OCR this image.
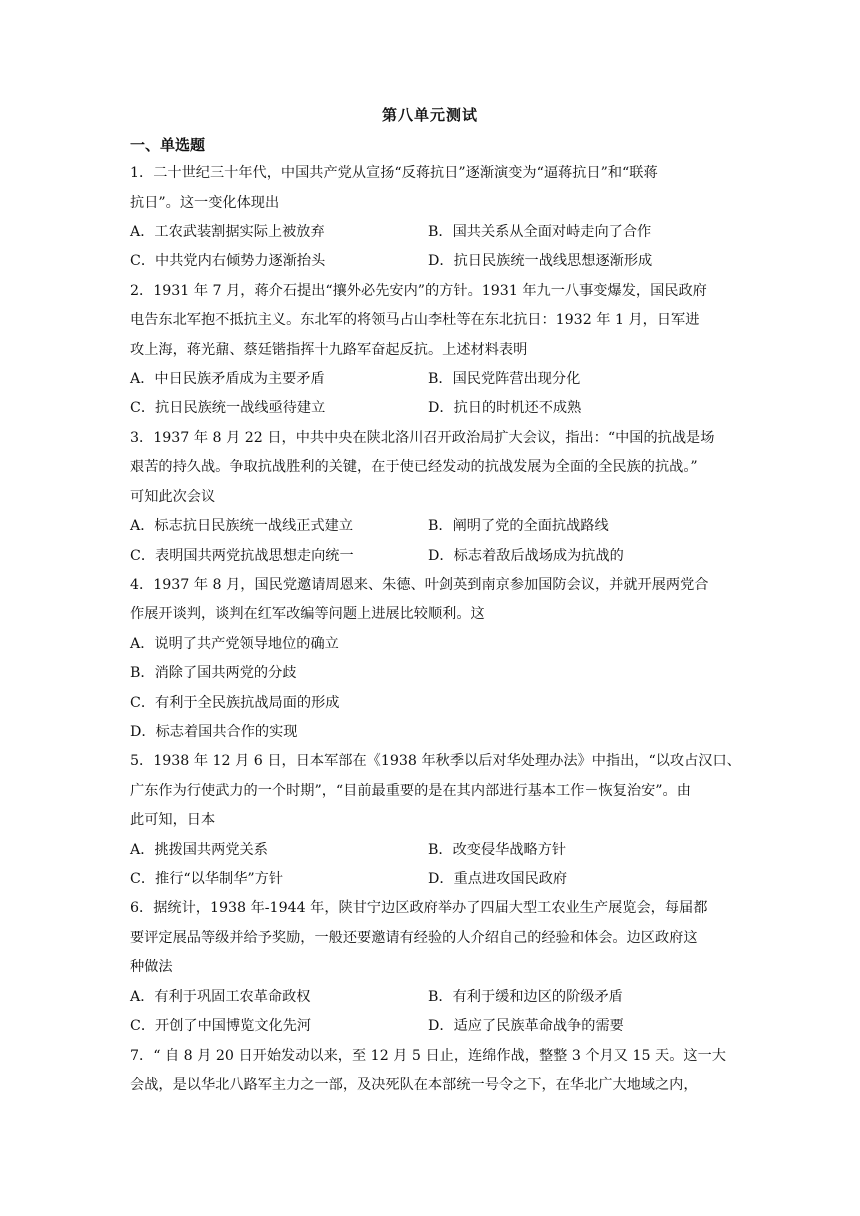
第八单元测试
一、单选题
1．二十世纪三十年代，中国共产党从宣扬“反蒋抗日”逐渐演变为“逼蒋抗日”和“联蒋
抗日”。这一变化体现出
A．工农武装割据实际上被放弃	B．国共关系从全面对峙走向了合作
C．中共党内右倾势力逐渐抬头	D．抗日民族统一战线思想逐渐形成
2．1931 年 7 月，蒋介石提出“攘外必先安内”的方针。1931 年九一八事变爆发，国民政府
电告东北军抱不抵抗主义。东北军的将领马占山李杜等在东北抗日：1932 年 1 月，日军进
攻上海，蒋光鼐、蔡廷锴指挥十九路军奋起反抗。上述材料表明
A．中日民族矛盾成为主要矛盾	B．国民党阵营出现分化
C．抗日民族统一战线亟待建立	D．抗日的时机还不成熟
3．1937 年 8 月 22 日，中共中央在陕北洛川召开政治局扩大会议，指出：“中国的抗战是场
艰苦的持久战。争取抗战胜利的关键，在于使已经发动的抗战发展为全面的全民族的抗战。”
可知此次会议
A．标志抗日民族统一战线正式建立	B．阐明了党的全面抗战路线
C．表明国共两党抗战思想走向统一	D．标志着敌后战场成为抗战的
4．1937 年 8 月，国民党邀请周恩来、朱德、叶剑英到南京参加国防会议，并就开展两党合
作展开谈判，谈判在红军改编等问题上进展比较顺利。这
A．说明了共产党领导地位的确立
B．消除了国共两党的分歧
C．有利于全民族抗战局面的形成
D．标志着国共合作的实现
5．1938 年 12 月 6 日，日本军部在《1938 年秋季以后对华处理办法》中指出，“以攻占汉口、
广东作为行使武力的一个时期”，“目前最重要的是在其内部进行基本工作－恢复治安”。由
此可知，日本
A．挑拨国共两党关系	B．改变侵华战略方针
C．推行“以华制华”方针	D．重点进攻国民政府
6．据统计，1938 年-1944 年，陕甘宁边区政府举办了四届大型工农业生产展览会，每届都
要评定展品等级并给予奖励，一般还要邀请有经验的人介绍自己的经验和体会。边区政府这
种做法
A．有利于巩固工农革命政权	B．有利于缓和边区的阶级矛盾
C．开创了中国博览文化先河	D．适应了民族革命战争的需要
7．“ 自 8 月 20 日开始发动以来，至 12 月 5 日止，连绵作战，整整 3 个月又 15 天。这一大
会战，是以华北八路军主力之一部，及决死队在本部统一号令之下，在华北广大地域之内，
